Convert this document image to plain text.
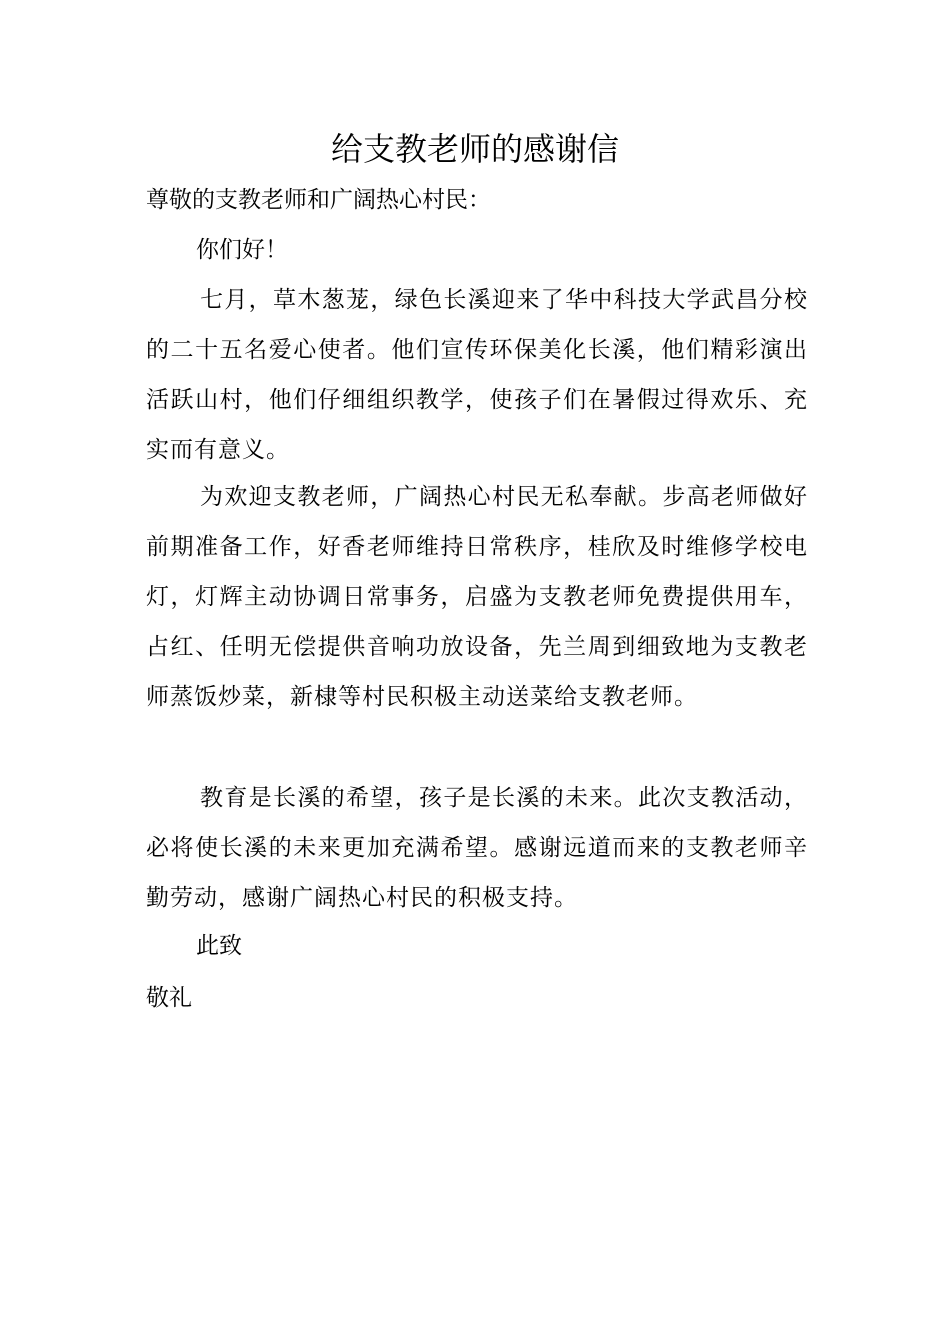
给支教老师的感谢信

尊敬的支教老师和广阔热心村民：

你们好！

七月，草木葱茏，绿色长溪迎来了华中科技大学武昌分校的二十五名爱心使者。他们宣传环保美化长溪，他们精彩演出活跃山村，他们仔细组织教学，使孩子们在暑假过得欢乐、充实而有意义。

为欢迎支教老师，广阔热心村民无私奉献。步高老师做好前期准备工作，好香老师维持日常秩序，桂欣及时维修学校电灯，灯辉主动协调日常事务，启盛为支教老师免费提供用车，占红、任明无偿提供音响功放设备，先兰周到细致地为支教老师蒸饭炒菜，新棣等村民积极主动送菜给支教老师。

教育是长溪的希望，孩子是长溪的未来。此次支教活动，必将使长溪的未来更加充满希望。感谢远道而来的支教老师辛勤劳动，感谢广阔热心村民的积极支持。

此致

敬礼
